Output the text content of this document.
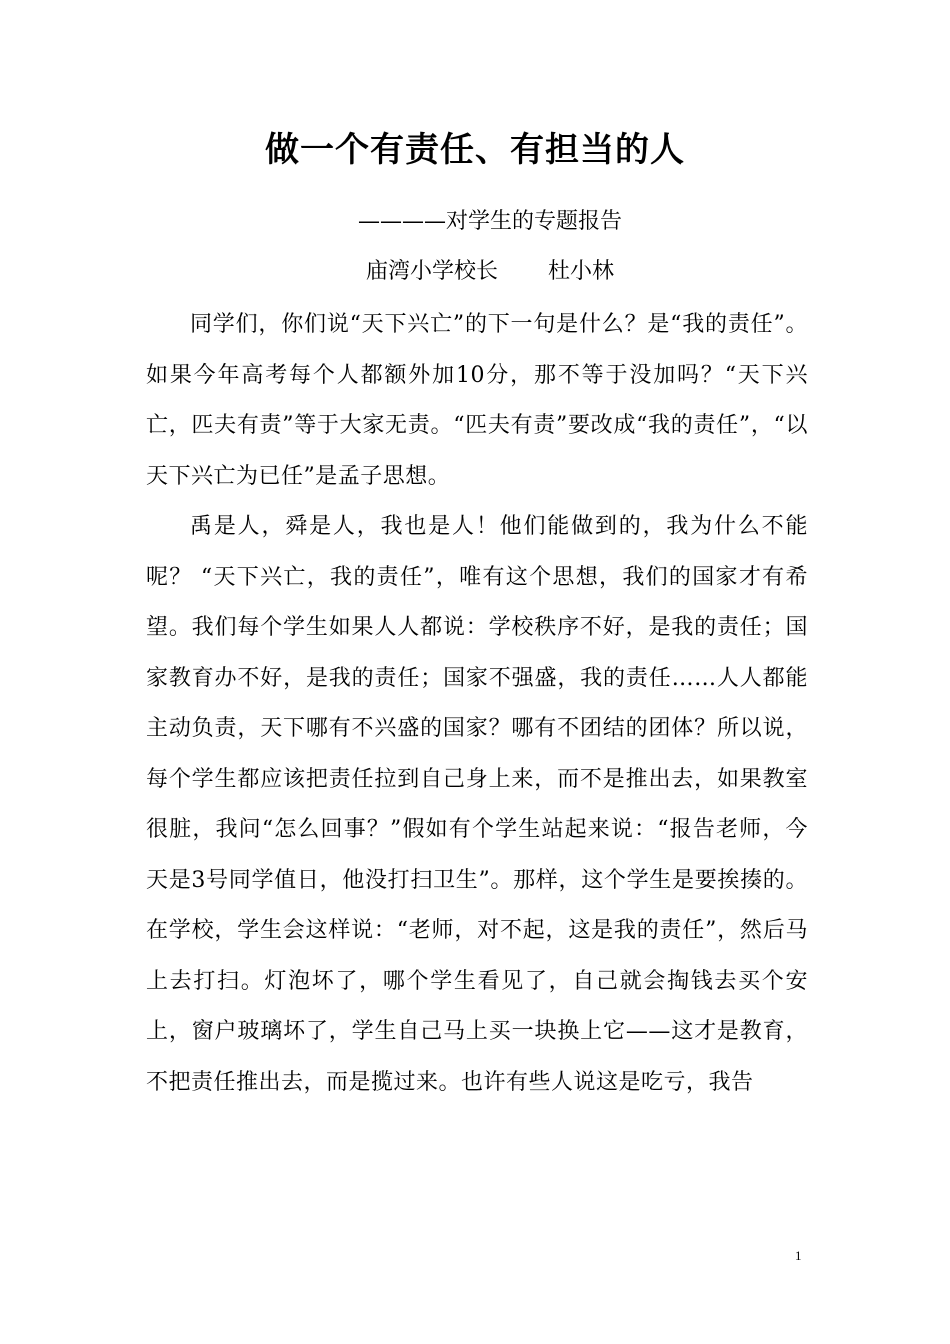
做一个有责任、有担当的人
————对学生的专题报告
庙湾小学校长 杜小林

同学们，你们说“天下兴亡”的下一句是什么？是“我的责任”。如果今年高考每个人都额外加10分，那不等于没加吗？“天下兴亡，匹夫有责”等于大家无责。“匹夫有责”要改成“我的责任”，“以天下兴亡为已任”是孟子思想。

禹是人，舜是人，我也是人！他们能做到的，我为什么不能呢？ “天下兴亡，我的责任”，唯有这个思想，我们的国家才有希望。我们每个学生如果人人都说：学校秩序不好，是我的责任；国家教育办不好，是我的责任；国家不强盛，我的责任……人人都能主动负责，天下哪有不兴盛的国家？哪有不团结的团体？所以说，每个学生都应该把责任拉到自己身上来，而不是推出去，如果教室很脏，我问“怎么回事？”假如有个学生站起来说：“报告老师，今天是3号同学值日，他没打扫卫生”。那样，这个学生是要挨揍的。在学校，学生会这样说：“老师，对不起，这是我的责任”，然后马上去打扫。灯泡坏了，哪个学生看见了，自己就会掏钱去买个安上，窗户玻璃坏了，学生自己马上买一块换上它——这才是教育，不把责任推出去，而是揽过来。也许有些人说这是吃亏，我告

1
